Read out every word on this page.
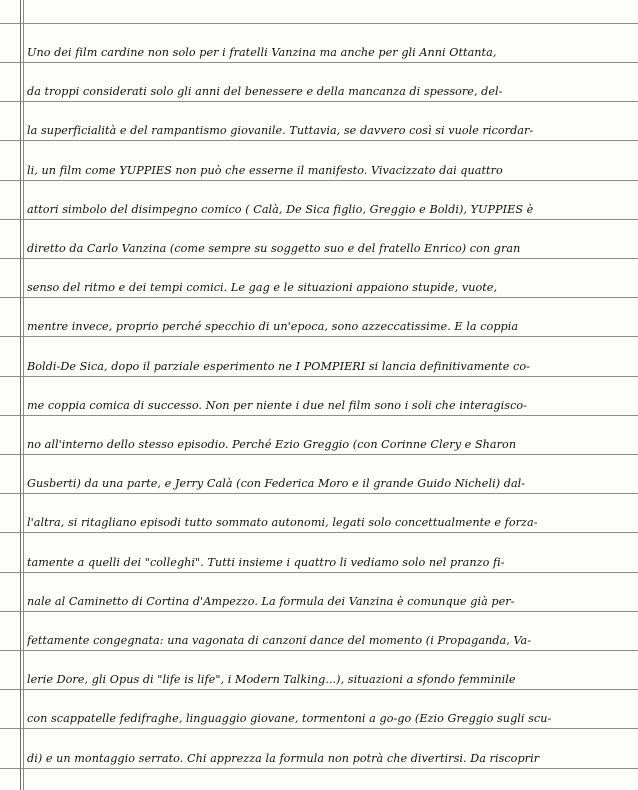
Uno dei film cardine non solo per i fratelli Vanzina ma anche per gli Anni Ottanta,
da troppi considerati solo gli anni del benessere e della mancanza di spessore, del-
la superficialità e del rampantismo giovanile. Tuttavia, se davvero così si vuole ricordar-
li, un film come YUPPIES non può che esserne il manifesto. Vivacizzato dai quattro
attori simbolo del disimpegno comico ( Calà, De Sica figlio, Greggio e Boldi), YUPPIES è
diretto da Carlo Vanzina (come sempre su soggetto suo e del fratello Enrico) con gran
senso del ritmo e dei tempi comici. Le gag e le situazioni appaiono stupide, vuote,
mentre invece, proprio perché specchio di un'epoca, sono azzeccatissime. E la coppia
Boldi-De Sica, dopo il parziale esperimento ne I POMPIERI si lancia definitivamente co-
me coppia comica di successo. Non per niente i due nel film sono i soli che interagisco-
no all'interno dello stesso episodio. Perché Ezio Greggio (con Corinne Clery e Sharon
Gusberti) da una parte, e Jerry Calà (con Federica Moro e il grande Guido Nicheli) dal-
l'altra, si ritagliano episodi tutto sommato autonomi, legati solo concettualmente e forza-
tamente a quelli dei "colleghi". Tutti insieme i quattro li vediamo solo nel pranzo fi-
nale al Caminetto di Cortina d'Ampezzo. La formula dei Vanzina è comunque già per-
fettamente congegnata: una vagonata di canzoni dance del momento (i Propaganda, Va-
lerie Dore, gli Opus di "life is life", i Modern Talking...), situazioni a sfondo femminile
con scappatelle fedifraghe, linguaggio giovane, tormentoni a go-go (Ezio Greggio sugli scu-
di) e un montaggio serrato. Chi apprezza la formula non potrà che divertirsi. Da riscoprir
